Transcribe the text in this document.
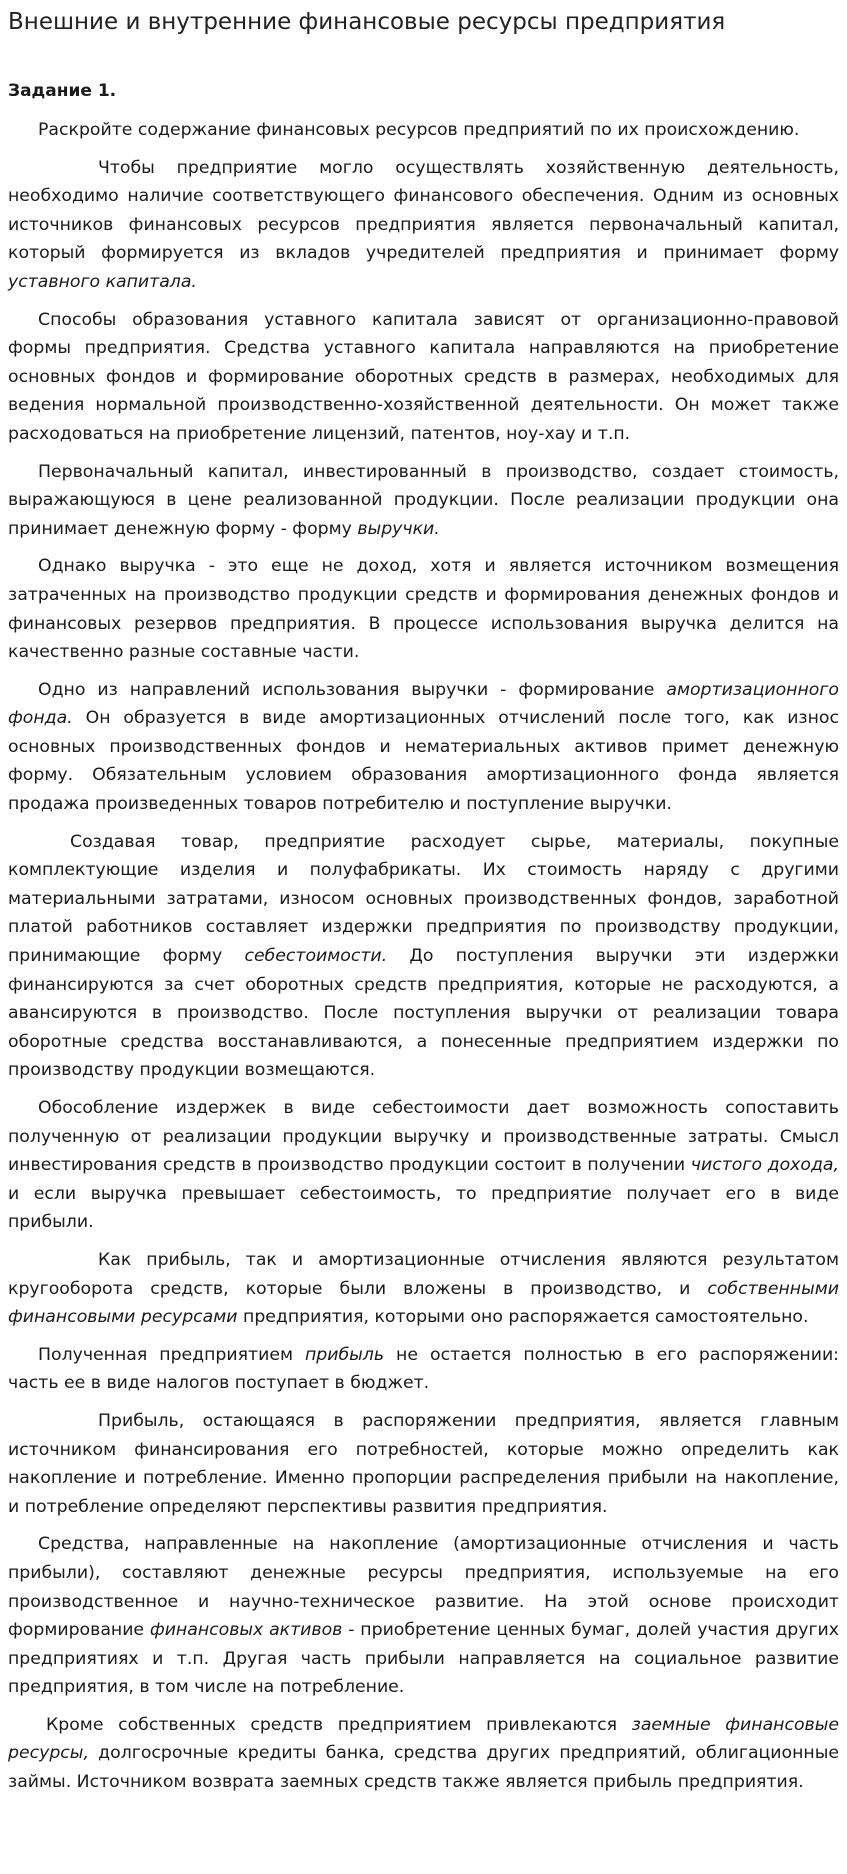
Внешние и внутренние финансовые ресурсы предприятия
Задание 1.

Раскройте содержание финансовых ресурсов предприятий по их происхождению.

Чтобы предприятие могло осуществлять хозяйственную деятельность, необходимо наличие соответствующего финансового обеспечения. Одним из основных источников финансовых ресурсов предприятия является первоначальный капитал, который формируется из вкладов учредителей предприятия и принимает форму уставного капитала.

Способы образования уставного капитала зависят от организационно-правовой формы предприятия. Средства уставного капитала направляются на приобретение основных фондов и формирование оборотных средств в размерах, необходимых для ведения нормальной производственно-хозяйственной деятельности. Он может также расходоваться на приобретение лицензий, патентов, ноу-хау и т.п.

Первоначальный капитал, инвестированный в производство, создает стоимость, выражающуюся в цене реализованной продукции. После реализации продукции она принимает денежную форму - форму выручки.

Однако выручка - это еще не доход, хотя и является источником возмещения затраченных на производство продукции средств и формирования денежных фондов и финансовых резервов предприятия. В процессе использования выручка делится на качественно разные составные части.

Одно из направлений использования выручки - формирование амортизационного фонда. Он образуется в виде амортизационных отчислений после того, как износ основных производственных фондов и нематериальных активов примет денежную форму. Обязательным условием образования амортизационного фонда является продажа произведенных товаров потребителю и поступление выручки.

Создавая товар, предприятие расходует сырье, материалы, покупные комплектующие изделия и полуфабрикаты. Их стоимость наряду с другими материальными затратами, износом основных производственных фондов, заработной платой работников составляет издержки предприятия по производству продукции, принимающие форму себестоимости. До поступления выручки эти издержки финансируются за счет оборотных средств предприятия, которые не расходуются, а авансируются в производство. После поступления выручки от реализации товара оборотные средства восстанавливаются, а понесенные предприятием издержки по производству продукции возмещаются.

Обособление издержек в виде себестоимости дает возможность сопоставить полученную от реализации продукции выручку и производственные затраты. Смысл инвестирования средств в производство продукции состоит в получении чистого дохода, и если выручка превышает себестоимость, то предприятие получает его в виде прибыли.

Как прибыль, так и амортизационные отчисления являются результатом кругооборота средств, которые были вложены в производство, и собственными финансовыми ресурсами предприятия, которыми оно распоряжается самостоятельно.

Полученная предприятием прибыль не остается полностью в его распоряжении: часть ее в виде налогов поступает в бюджет.

Прибыль, остающаяся в распоряжении предприятия, является главным источником финансирования его потребностей, которые можно определить как накопление и потребление. Именно пропорции распределения прибыли на накопление, и потребление определяют перспективы развития предприятия.

Средства, направленные на накопление (амортизационные отчисления и часть прибыли), составляют денежные ресурсы предприятия, используемые на его производственное и научно-техническое развитие. На этой основе происходит формирование финансовых активов - приобретение ценных бумаг, долей участия других предприятиях и т.п. Другая часть прибыли направляется на социальное развитие предприятия, в том числе на потребление.

Кроме собственных средств предприятием привлекаются заемные финансовые ресурсы, долгосрочные кредиты банка, средства других предприятий, облигационные займы. Источником возврата заемных средств также является прибыль предприятия.
